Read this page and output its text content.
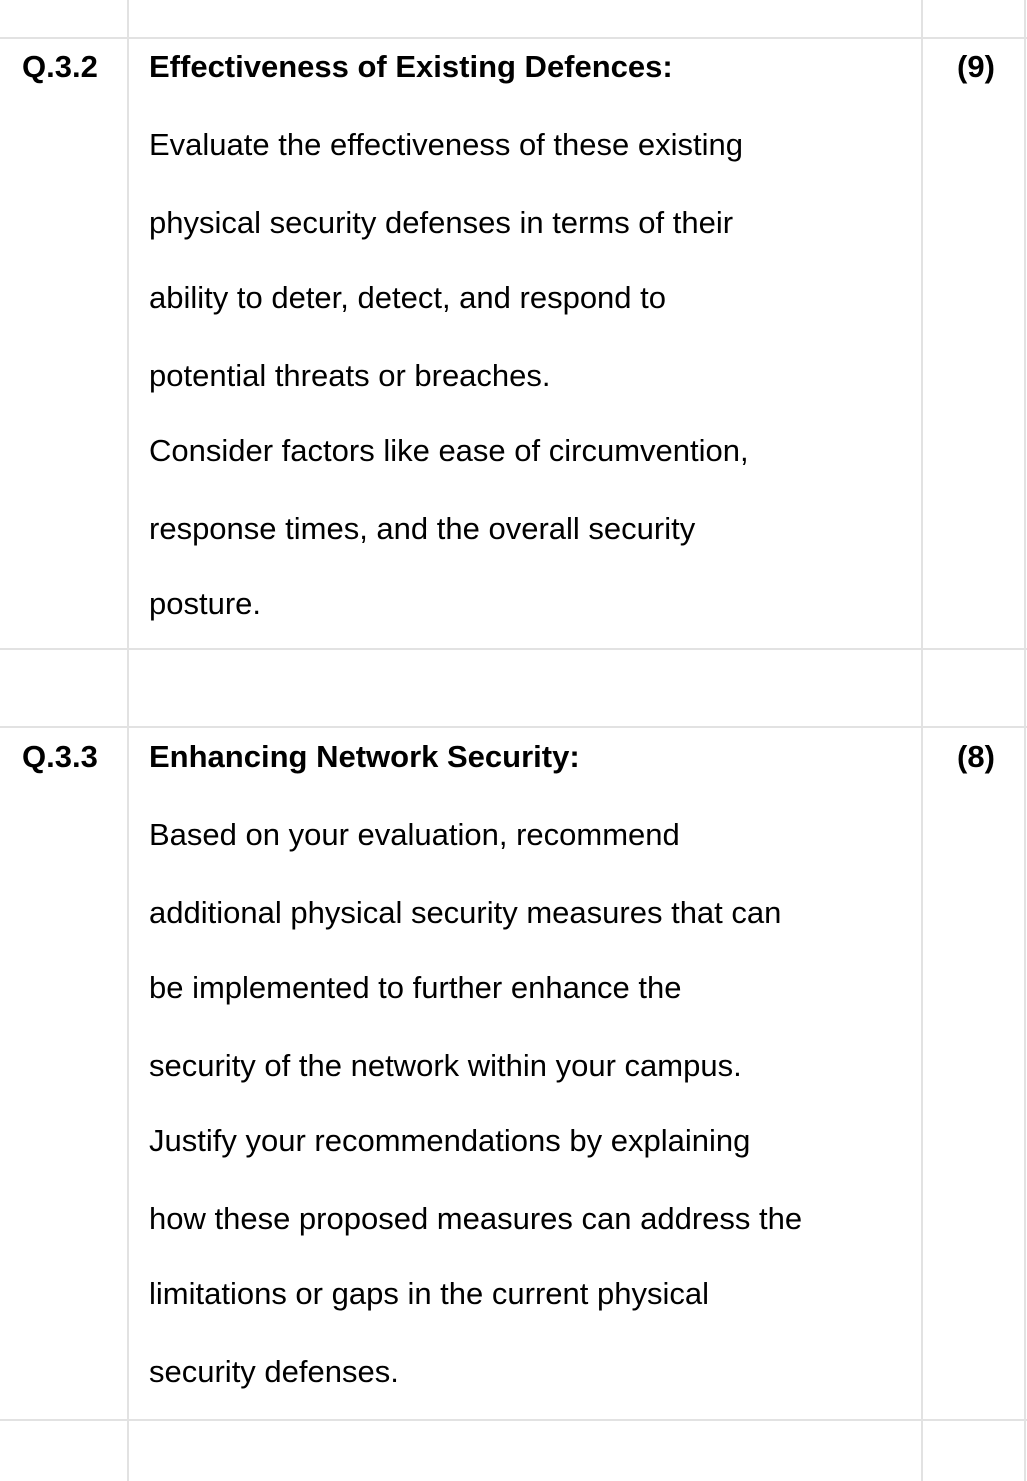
Q.3.2 Effectiveness of Existing Defences:	(9)
Evaluate the effectiveness of these existing
physical security defenses in terms of their
ability to deter, detect, and respond to
potential threats or breaches.
Consider factors like ease of circumvention,
response times, and the overall security
posture.
Q.3.3 Enhancing Network Security:	(8)
Based on your evaluation, recommend
additional physical security measures that can
be implemented to further enhance the
security of the network within your campus.
Justify your recommendations by explaining
how these proposed measures can address the
limitations or gaps in the current physical
security defenses.
